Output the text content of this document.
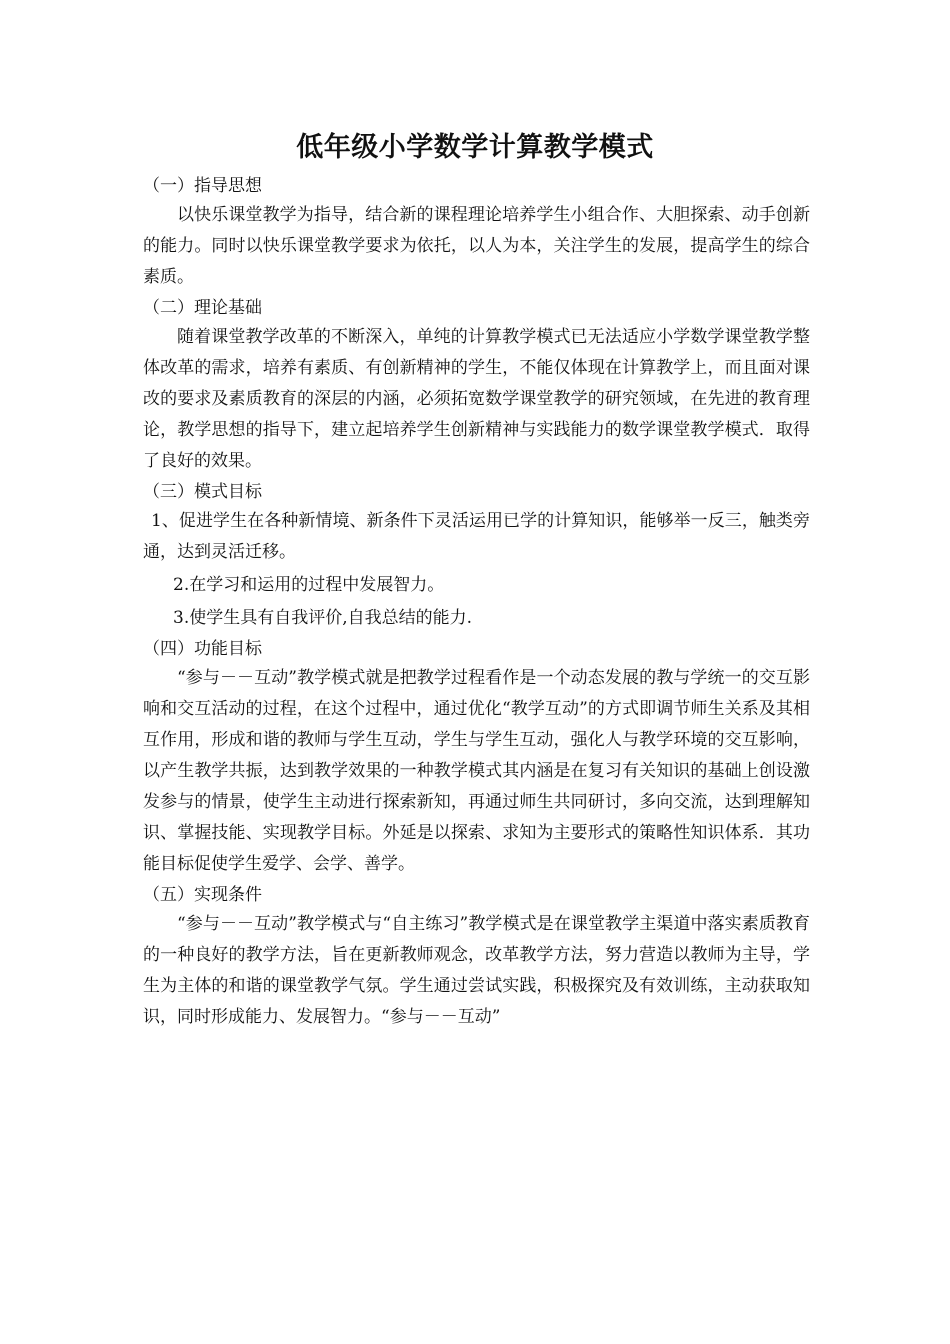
低年级小学数学计算教学模式

（一）指导思想

以快乐课堂教学为指导，结合新的课程理论培养学生小组合作、大胆探索、动手创新的能力。同时以快乐课堂教学要求为依托，以人为本，关注学生的发展，提高学生的综合素质。

（二）理论基础

随着课堂教学改革的不断深入，单纯的计算教学模式已无法适应小学数学课堂教学整体改革的需求，培养有素质、有创新精神的学生，不能仅体现在计算教学上，而且面对课改的要求及素质教育的深层的内涵，必须拓宽数学课堂教学的研究领域，在先进的教育理论，教学思想的指导下，建立起培养学生创新精神与实践能力的数学课堂教学模式．取得了良好的效果。

（三）模式目标

1、促进学生在各种新情境、新条件下灵活运用已学的计算知识，能够举一反三，触类旁通，达到灵活迁移。

2.在学习和运用的过程中发展智力。

3.使学生具有自我评价,自我总结的能力.

（四）功能目标

“参与－－互动”教学模式就是把教学过程看作是一个动态发展的教与学统一的交互影响和交互活动的过程，在这个过程中，通过优化“教学互动”的方式即调节师生关系及其相互作用，形成和谐的教师与学生互动，学生与学生互动，强化人与教学环境的交互影响，以产生教学共振，达到教学效果的一种教学模式其内涵是在复习有关知识的基础上创设激发参与的情景，使学生主动进行探索新知，再通过师生共同研讨，多向交流，达到理解知识、掌握技能、实现教学目标。外延是以探索、求知为主要形式的策略性知识体系．其功能目标促使学生爱学、会学、善学。

（五）实现条件

“参与－－互动”教学模式与“自主练习”教学模式是在课堂教学主渠道中落实素质教育的一种良好的教学方法，旨在更新教师观念，改革教学方法，努力营造以教师为主导，学生为主体的和谐的课堂教学气氛。学生通过尝试实践，积极探究及有效训练，主动获取知识，同时形成能力、发展智力。“参与－－互动”
